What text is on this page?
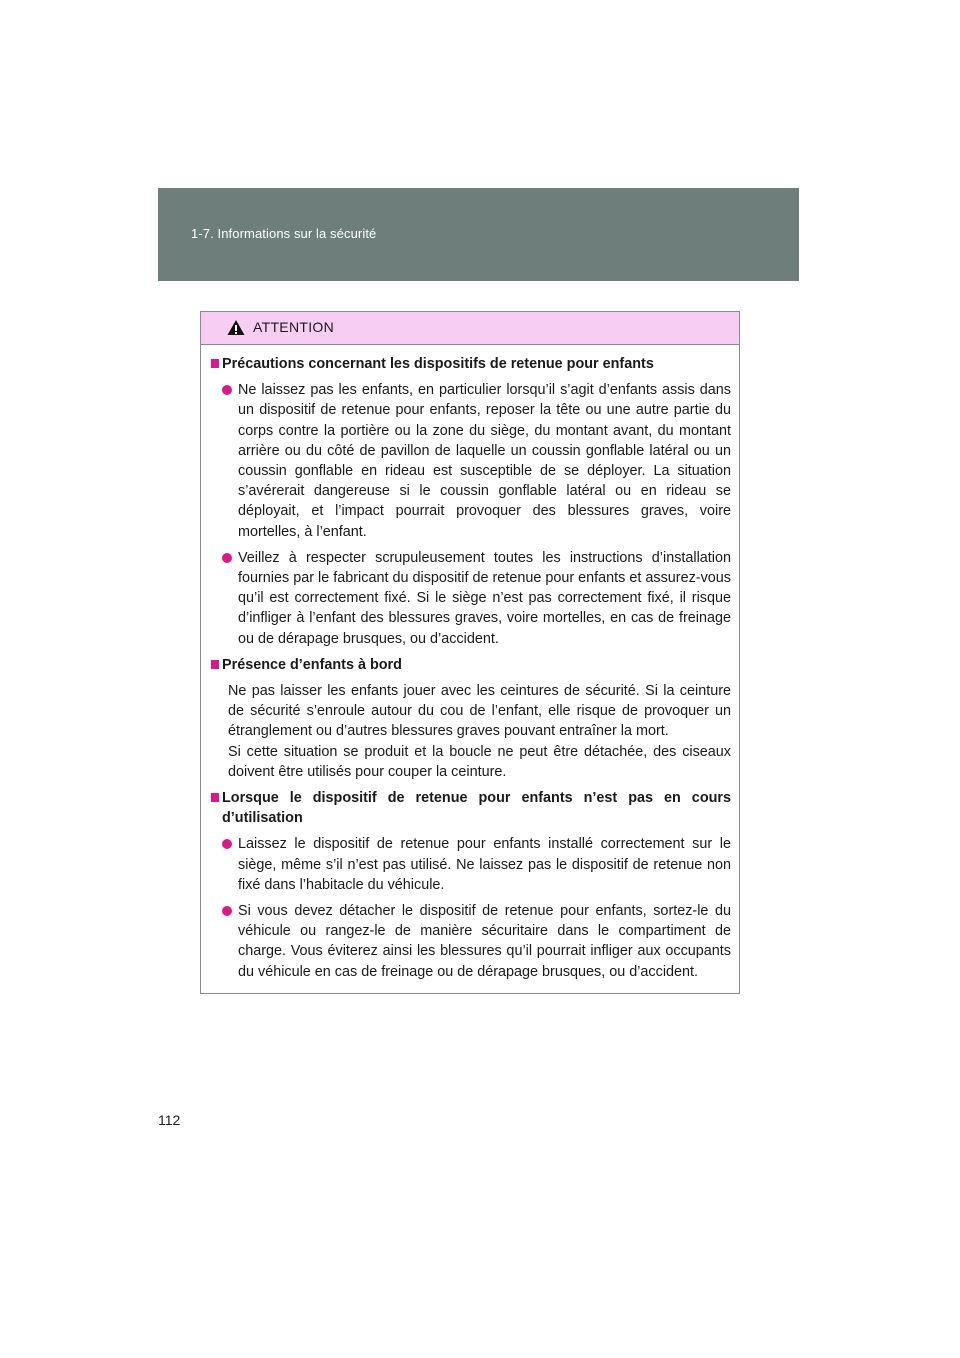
1-7. Informations sur la sécurité
ATTENTION
Précautions concernant les dispositifs de retenue pour enfants
Ne laissez pas les enfants, en particulier lorsqu’il s’agit d’enfants assis dans un dispositif de retenue pour enfants, reposer la tête ou une autre partie du corps contre la portière ou la zone du siège, du montant avant, du montant arrière ou du côté de pavillon de laquelle un coussin gonflable latéral ou un coussin gonflable en rideau est susceptible de se déployer. La situation s’avérerait dangereuse si le coussin gonflable latéral ou en rideau se déployait, et l’impact pourrait provoquer des blessures graves, voire mortelles, à l’enfant.
Veillez à respecter scrupuleusement toutes les instructions d’installation fournies par le fabricant du dispositif de retenue pour enfants et assurez-vous qu’il est correctement fixé. Si le siège n’est pas correctement fixé, il risque d’infliger à l’enfant des blessures graves, voire mortelles, en cas de freinage ou de dérapage brusques, ou d’accident.
Présence d’enfants à bord
Ne pas laisser les enfants jouer avec les ceintures de sécurité. Si la ceinture de sécurité s’enroule autour du cou de l’enfant, elle risque de provoquer un étranglement ou d’autres blessures graves pouvant entraîner la mort.
Si cette situation se produit et la boucle ne peut être détachée, des ciseaux doivent être utilisés pour couper la ceinture.
Lorsque le dispositif de retenue pour enfants n’est pas en cours d’utilisation
Laissez le dispositif de retenue pour enfants installé correctement sur le siège, même s’il n’est pas utilisé. Ne laissez pas le dispositif de retenue non fixé dans l’habitacle du véhicule.
Si vous devez détacher le dispositif de retenue pour enfants, sortez-le du véhicule ou rangez-le de manière sécuritaire dans le compartiment de charge. Vous éviterez ainsi les blessures qu’il pourrait infliger aux occupants du véhicule en cas de freinage ou de dérapage brusques, ou d’accident.
112
